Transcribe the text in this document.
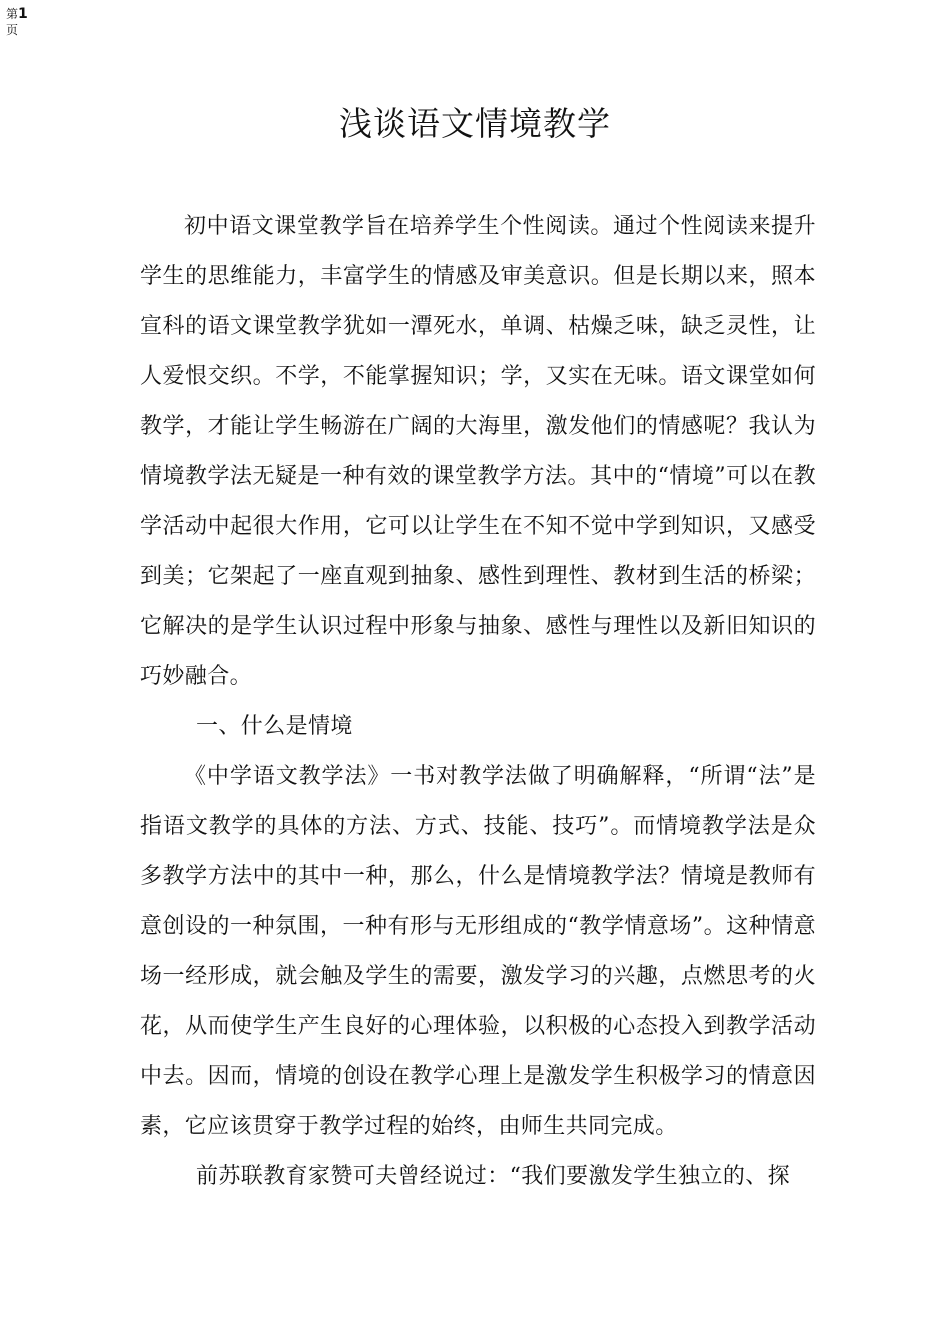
第1
页
浅谈语文情境教学

初中语文课堂教学旨在培养学生个性阅读。通过个性阅读来提升学生的思维能力，丰富学生的情感及审美意识。但是长期以来，照本宣科的语文课堂教学犹如一潭死水，单调、枯燥乏味，缺乏灵性，让人爱恨交织。不学，不能掌握知识；学，又实在无味。语文课堂如何教学，才能让学生畅游在广阔的大海里，激发他们的情感呢？我认为情境教学法无疑是一种有效的课堂教学方法。其中的“情境”可以在教学活动中起很大作用，它可以让学生在不知不觉中学到知识，又感受到美；它架起了一座直观到抽象、感性到理性、教材到生活的桥梁；它解决的是学生认识过程中形象与抽象、感性与理性以及新旧知识的巧妙融合。

一、什么是情境

《中学语文教学法》一书对教学法做了明确解释，“所谓“法”是指语文教学的具体的方法、方式、技能、技巧”。而情境教学法是众多教学方法中的其中一种，那么，什么是情境教学法？情境是教师有意创设的一种氛围，一种有形与无形组成的“教学情意场”。这种情意场一经形成，就会触及学生的需要，激发学习的兴趣，点燃思考的火花，从而使学生产生良好的心理体验，以积极的心态投入到教学活动中去。因而，情境的创设在教学心理上是激发学生积极学习的情意因素，它应该贯穿于教学过程的始终，由师生共同完成。

前苏联教育家赞可夫曾经说过：“我们要激发学生独立的、探
